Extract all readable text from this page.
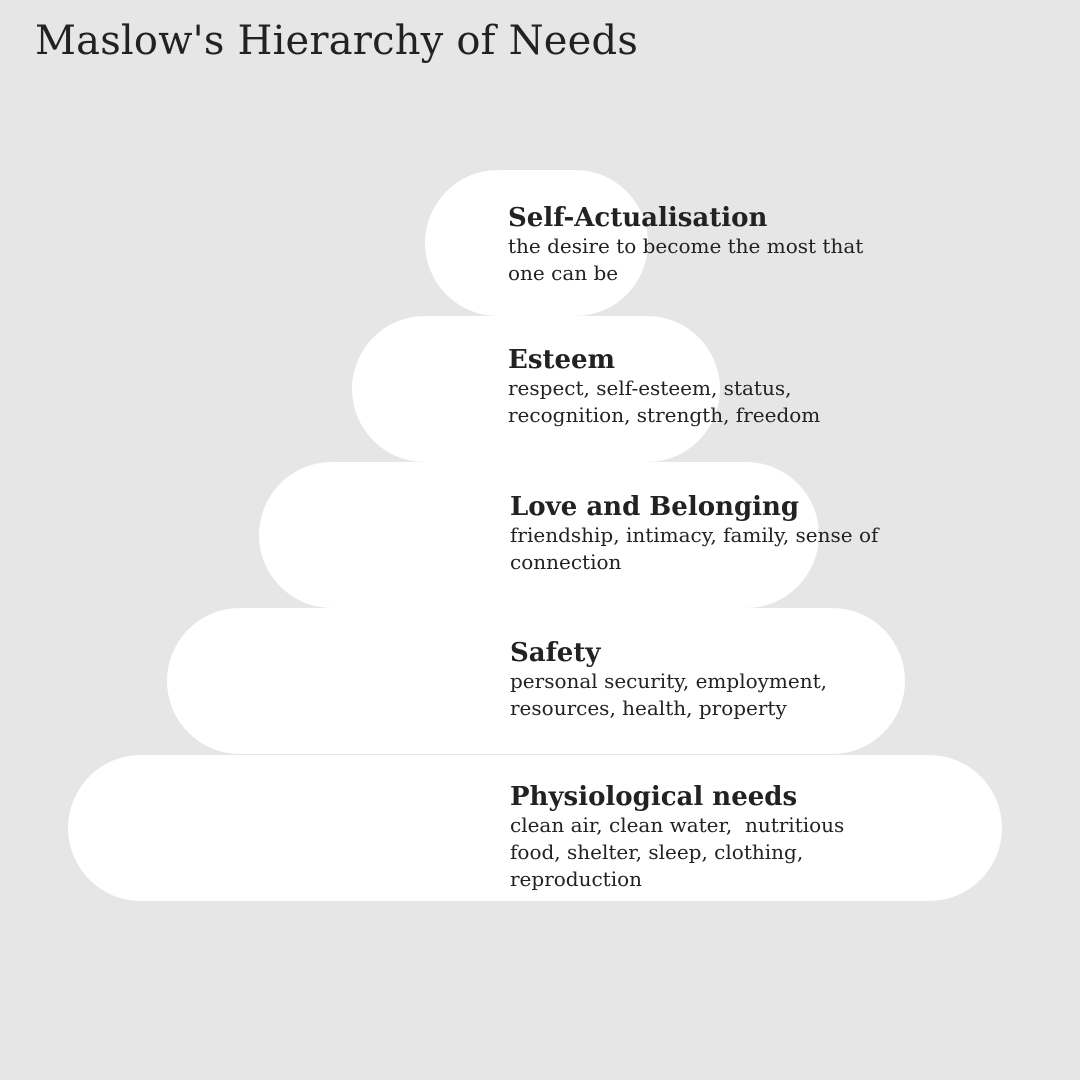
Maslow's Hierarchy of Needs

Self-Actualisation

the desire to become the most that one can be

Esteem

respect, self-esteem, status, recognition, strength, freedom

Love and Belonging

friendship, intimacy, family, sense of connection

Safety

personal security, employment, resources, health, property

Physiological needs

clean air, clean water,  nutritious food, shelter, sleep, clothing, reproduction
